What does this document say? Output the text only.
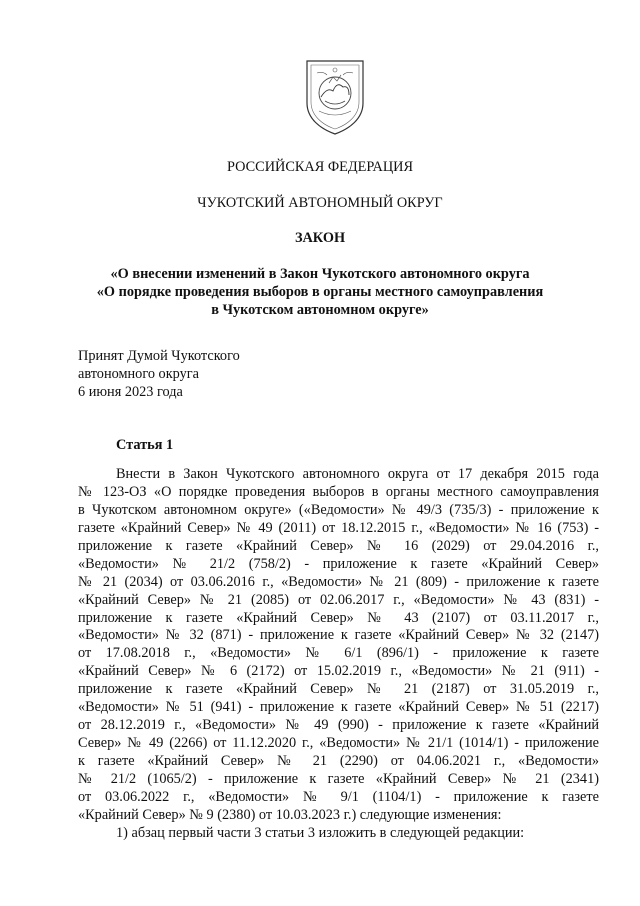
РОССИЙСКАЯ ФЕДЕРАЦИЯ
ЧУКОТСКИЙ АВТОНОМНЫЙ ОКРУГ
ЗАКОН
«О внесении изменений в Закон Чукотского автономного округа
«О порядке проведения выборов в органы местного самоуправления
в Чукотском автономном округе»
Принят Думой Чукотского
автономного округа
6 июня 2023 года
Статья 1
Внести в Закон Чукотского автономного округа от 17 декабря 2015 года
№ 123-ОЗ «О порядке проведения выборов в органы местного самоуправления
в Чукотском автономном округе» («Ведомости» № 49/3 (735/3) - приложение к
газете «Крайний Север» № 49 (2011) от 18.12.2015 г., «Ведомости» № 16 (753) -
приложение к газете «Крайний Север» № 16 (2029) от 29.04.2016 г.,
«Ведомости» № 21/2 (758/2) - приложение к газете «Крайний Север»
№ 21 (2034) от 03.06.2016 г., «Ведомости» № 21 (809) - приложение к газете
«Крайний Север» № 21 (2085) от 02.06.2017 г., «Ведомости» № 43 (831) -
приложение к газете «Крайний Север» № 43 (2107) от 03.11.2017 г.,
«Ведомости» № 32 (871) - приложение к газете «Крайний Север» № 32 (2147)
от 17.08.2018 г., «Ведомости» № 6/1 (896/1) - приложение к газете
«Крайний Север» № 6 (2172) от 15.02.2019 г., «Ведомости» № 21 (911) -
приложение к газете «Крайний Север» № 21 (2187) от 31.05.2019 г.,
«Ведомости» № 51 (941) - приложение к газете «Крайний Север» № 51 (2217)
от 28.12.2019 г., «Ведомости» № 49 (990) - приложение к газете «Крайний
Север» № 49 (2266) от 11.12.2020 г., «Ведомости» № 21/1 (1014/1) - приложение
к газете «Крайний Север» № 21 (2290) от 04.06.2021 г., «Ведомости»
№ 21/2 (1065/2) - приложение к газете «Крайний Север» № 21 (2341)
от 03.06.2022 г., «Ведомости» № 9/1 (1104/1) - приложение к газете
«Крайний Север» № 9 (2380) от 10.03.2023 г.) следующие изменения:
1) абзац первый части 3 статьи 3 изложить в следующей редакции:
